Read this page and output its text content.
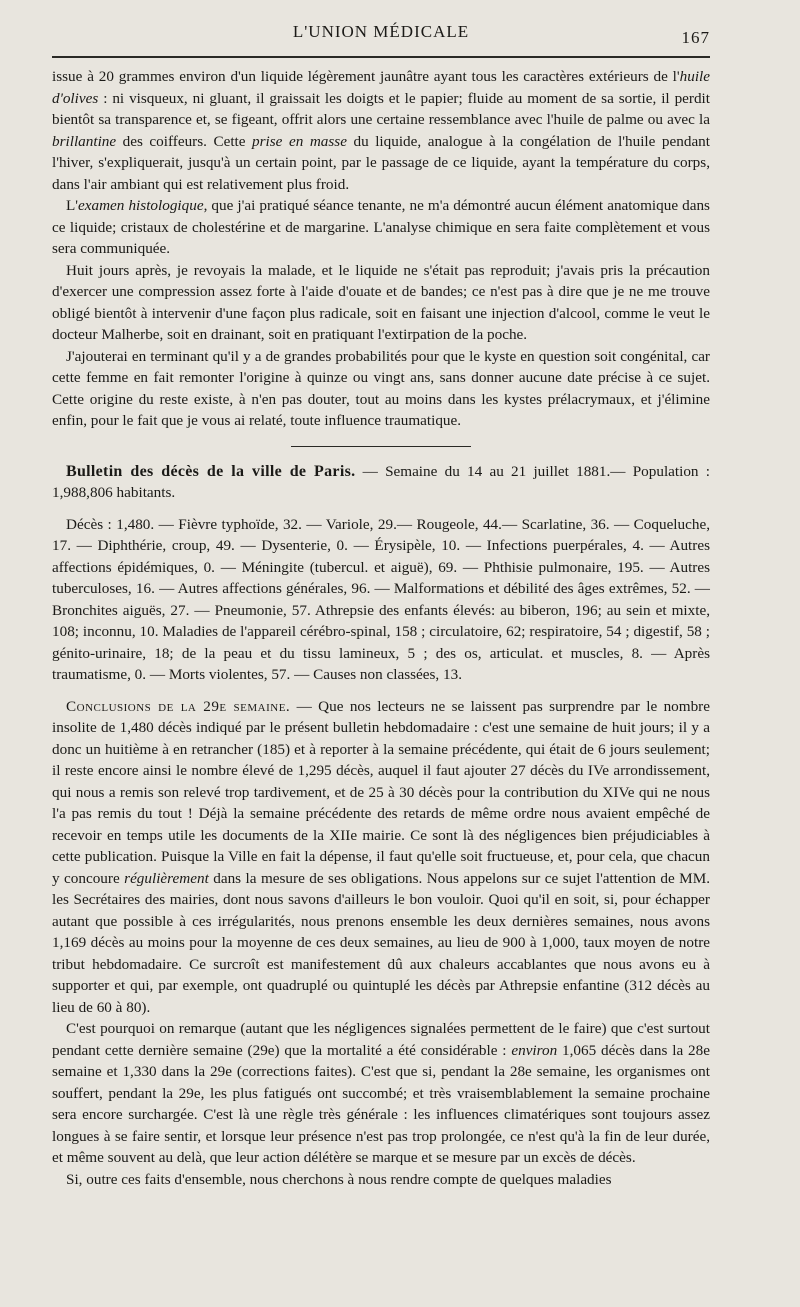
L'UNION MÉDICALE	167

issue à 20 grammes environ d'un liquide légèrement jaunâtre ayant tous les caractères extérieurs de l'huile d'olives : ni visqueux, ni gluant, il graissait les doigts et le papier; fluide au moment de sa sortie, il perdit bientôt sa transparence et, se figeant, offrit alors une certaine ressemblance avec l'huile de palme ou avec la brillantine des coiffeurs. Cette prise en masse du liquide, analogue à la congélation de l'huile pendant l'hiver, s'expliquerait, jusqu'à un certain point, par le passage de ce liquide, ayant la température du corps, dans l'air ambiant qui est relativement plus froid.

L'examen histologique, que j'ai pratiqué séance tenante, ne m'a démontré aucun élément anatomique dans ce liquide; cristaux de cholestérine et de margarine. L'analyse chimique en sera faite complètement et vous sera communiquée.

Huit jours après, je revoyais la malade, et le liquide ne s'était pas reproduit; j'avais pris la précaution d'exercer une compression assez forte à l'aide d'ouate et de bandes; ce n'est pas à dire que je ne me trouve obligé bientôt à intervenir d'une façon plus radicale, soit en faisant une injection d'alcool, comme le veut le docteur Malherbe, soit en drainant, soit en pratiquant l'extirpation de la poche.

J'ajouterai en terminant qu'il y a de grandes probabilités pour que le kyste en question soit congénital, car cette femme en fait remonter l'origine à quinze ou vingt ans, sans donner aucune date précise à ce sujet. Cette origine du reste existe, à n'en pas douter, tout au moins dans les kystes prélacrymaux, et j'élimine enfin, pour le fait que je vous ai relaté, toute influence traumatique.

Bulletin des décès de la ville de Paris. — Semaine du 14 au 21 juillet 1881.— Population : 1,988,806 habitants.

Décès : 1,480. — Fièvre typhoïde, 32. — Variole, 29.— Rougeole, 44.— Scarlatine, 36. — Coqueluche, 17. — Diphthérie, croup, 49. — Dysenterie, 0. — Érysipèle, 10. — Infections puerpérales, 4. — Autres affections épidémiques, 0. — Méningite (tubercul. et aiguë), 69. — Phthisie pulmonaire, 195. — Autres tuberculoses, 16. — Autres affections générales, 96. — Malformations et débilité des âges extrêmes, 52. — Bronchites aiguës, 27. — Pneumonie, 57. Athrepsie des enfants élevés: au biberon, 196; au sein et mixte, 108; inconnu, 10. Maladies de l'appareil cérébro-spinal, 158 ; circulatoire, 62; respiratoire, 54 ; digestif, 58 ; génito-urinaire, 18; de la peau et du tissu lamineux, 5 ; des os, articulat. et muscles, 8. — Après traumatisme, 0. — Morts violentes, 57. — Causes non classées, 13.

Conclusions de la 29e semaine. — Que nos lecteurs ne se laissent pas surprendre par le nombre insolite de 1,480 décès indiqué par le présent bulletin hebdomadaire : c'est une semaine de huit jours; il y a donc un huitième à en retrancher (185) et à reporter à la semaine précédente, qui était de 6 jours seulement; il reste encore ainsi le nombre élevé de 1,295 décès, auquel il faut ajouter 27 décès du IVe arrondissement, qui nous a remis son relevé trop tardivement, et de 25 à 30 décès pour la contribution du XIVe qui ne nous l'a pas remis du tout ! Déjà la semaine précédente des retards de même ordre nous avaient empêché de recevoir en temps utile les documents de la XIIe mairie. Ce sont là des négligences bien préjudiciables à cette publication. Puisque la Ville en fait la dépense, il faut qu'elle soit fructueuse, et, pour cela, que chacun y concoure régulièrement dans la mesure de ses obligations. Nous appelons sur ce sujet l'attention de MM. les Secrétaires des mairies, dont nous savons d'ailleurs le bon vouloir. Quoi qu'il en soit, si, pour échapper autant que possible à ces irrégularités, nous prenons ensemble les deux dernières semaines, nous avons 1,169 décès au moins pour la moyenne de ces deux semaines, au lieu de 900 à 1,000, taux moyen de notre tribut hebdomadaire. Ce surcroît est manifestement dû aux chaleurs accablantes que nous avons eu à supporter et qui, par exemple, ont quadruplé ou quintuplé les décès par Athrepsie enfantine (312 décès au lieu de 60 à 80).

C'est pourquoi on remarque (autant que les négligences signalées permettent de le faire) que c'est surtout pendant cette dernière semaine (29e) que la mortalité a été considérable : environ 1,065 décès dans la 28e semaine et 1,330 dans la 29e (corrections faites). C'est que si, pendant la 28e semaine, les organismes ont souffert, pendant la 29e, les plus fatigués ont succombé; et très vraisemblablement la semaine prochaine sera encore surchargée. C'est là une règle très générale : les influences climatériques sont toujours assez longues à se faire sentir, et lorsque leur présence n'est pas trop prolongée, ce n'est qu'à la fin de leur durée, et même souvent au delà, que leur action délétère se marque et se mesure par un excès de décès.

Si, outre ces faits d'ensemble, nous cherchons à nous rendre compte de quelques maladies
